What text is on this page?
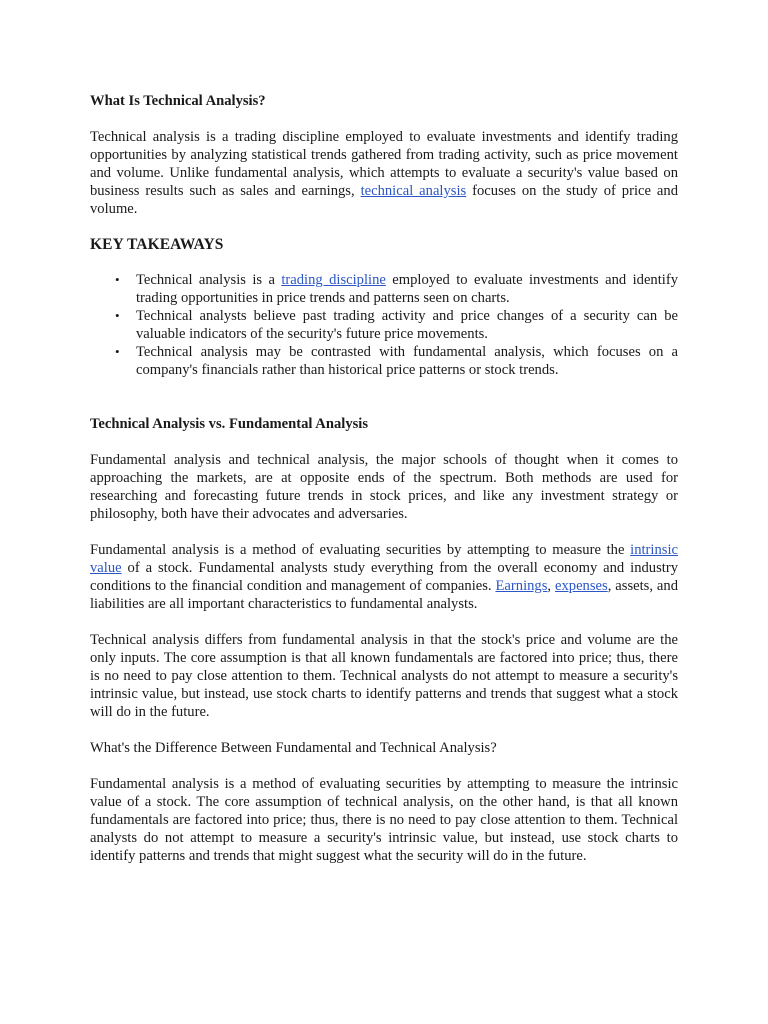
What Is Technical Analysis?

Technical analysis is a trading discipline employed to evaluate investments and identify trading opportunities by analyzing statistical trends gathered from trading activity, such as price movement and volume. Unlike fundamental analysis, which attempts to evaluate a security's value based on business results such as sales and earnings, technical analysis focuses on the study of price and volume.

KEY TAKEAWAYS
• Technical analysis is a trading discipline employed to evaluate investments and identify trading opportunities in price trends and patterns seen on charts.
• Technical analysts believe past trading activity and price changes of a security can be valuable indicators of the security's future price movements.
• Technical analysis may be contrasted with fundamental analysis, which focuses on a company's financials rather than historical price patterns or stock trends.
Technical Analysis vs. Fundamental Analysis

Fundamental analysis and technical analysis, the major schools of thought when it comes to approaching the markets, are at opposite ends of the spectrum. Both methods are used for researching and forecasting future trends in stock prices, and like any investment strategy or philosophy, both have their advocates and adversaries.

Fundamental analysis is a method of evaluating securities by attempting to measure the intrinsic value of a stock. Fundamental analysts study everything from the overall economy and industry conditions to the financial condition and management of companies. Earnings, expenses, assets, and liabilities are all important characteristics to fundamental analysts.

Technical analysis differs from fundamental analysis in that the stock's price and volume are the only inputs. The core assumption is that all known fundamentals are factored into price; thus, there is no need to pay close attention to them. Technical analysts do not attempt to measure a security's intrinsic value, but instead, use stock charts to identify patterns and trends that suggest what a stock will do in the future.

What's the Difference Between Fundamental and Technical Analysis?

Fundamental analysis is a method of evaluating securities by attempting to measure the intrinsic value of a stock. The core assumption of technical analysis, on the other hand, is that all known fundamentals are factored into price; thus, there is no need to pay close attention to them. Technical analysts do not attempt to measure a security's intrinsic value, but instead, use stock charts to identify patterns and trends that might suggest what the security will do in the future.
